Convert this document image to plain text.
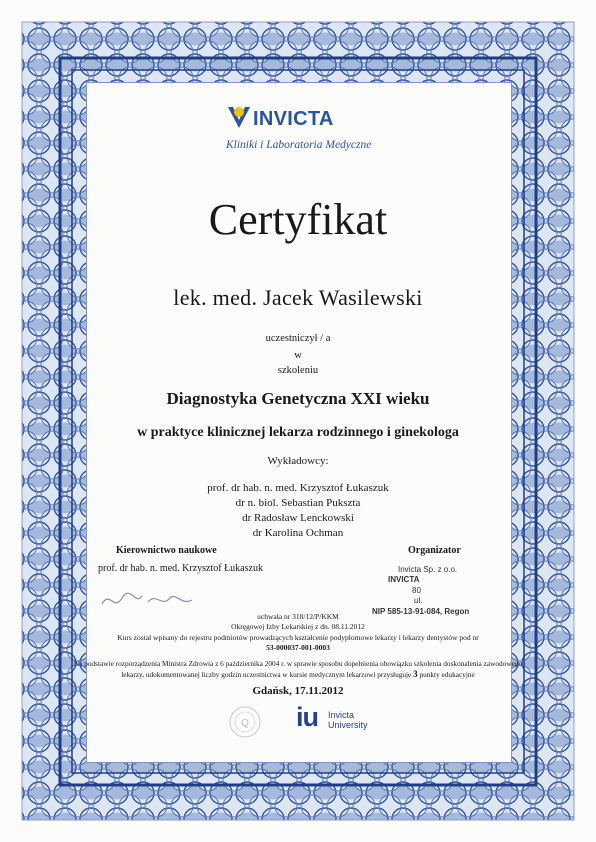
INVICTA
Kliniki i Laboratoria Medyczne
Certyfikat
lek. med. Jacek Wasilewski
uczestniczył / a
w
szkoleniu
Diagnostyka Genetyczna XXI wieku
w praktyce klinicznej lekarza rodzinnego i ginekologa
Wykładowcy:
prof. dr hab. n. med. Krzysztof Łukaszuk
dr n. biol. Sebastian Pukszta
dr Radosław Lenckowski
dr Karolina Ochman
Kierownictwo naukowe
prof. dr hab. n. med. Krzysztof Łukaszuk
Organizator
Invicta Sp. z o.o.
INVICTA
80
ul.
NIP 585-13-91-084, Regon
uchwała nr 318/12/P/KKM
Okręgowej Izby Lekarskiej z dn. 08.11.2012
Kurs został wpisany do rejestru podmiotów prowadzących kształcenie podyplomowe lekarzy i lekarzy dentystów pod nr
53-000037-001-0003
Na podstawie rozporządzenia Ministra Zdrowia z 6 października 2004 r. w sprawie sposobu dopełnienia obowiązku szkolenia doskonalenia zawodowego
lekarzy, udokumentowanej liczby godzin uczestnictwa w kursie medycznym lekarzowi przysługuje 3 punkty edukacyjne
Gdańsk, 17.11.2012
Q iu Invicta
University
